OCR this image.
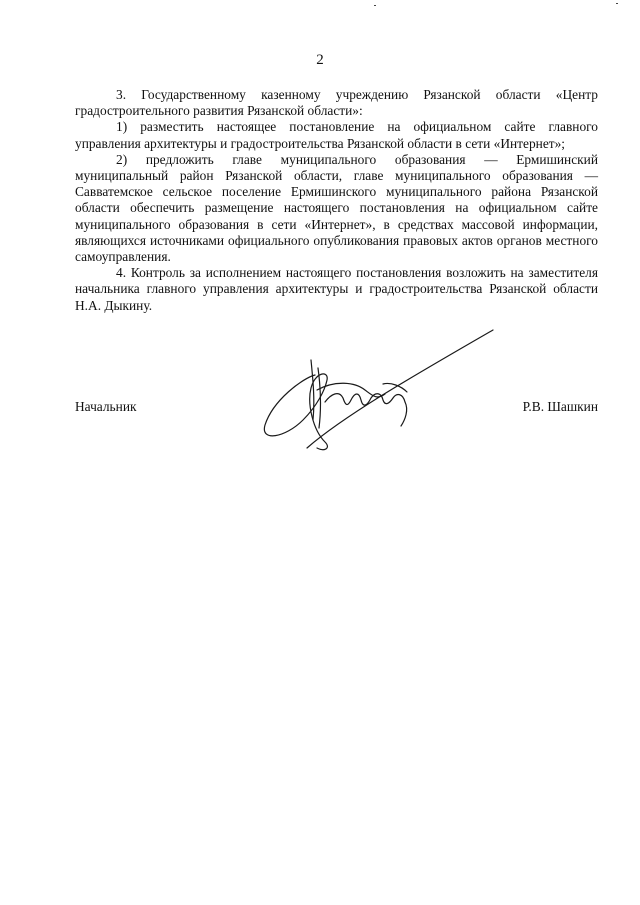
2

3. Государственному казенному учреждению Рязанской области «Центр градостроительного развития Рязанской области»:

1) разместить настоящее постановление на официальном сайте главного управления архитектуры и градостроительства Рязанской области в сети «Интернет»;

2) предложить главе муниципального образования — Ермишинский муниципальный район Рязанской области, главе муниципального образования — Савватемское сельское поселение Ермишинского муниципального района Рязанской области обеспечить размещение настоящего постановления на официальном сайте муниципального образования в сети «Интернет», в средствах массовой информации, являющихся источниками официального опубликования правовых актов органов местного самоуправления.

4. Контроль за исполнением настоящего постановления возложить на заместителя начальника главного управления архитектуры и градостроительства Рязанской области Н.А. Дыкину.

Начальник	Р.В. Шашкин
